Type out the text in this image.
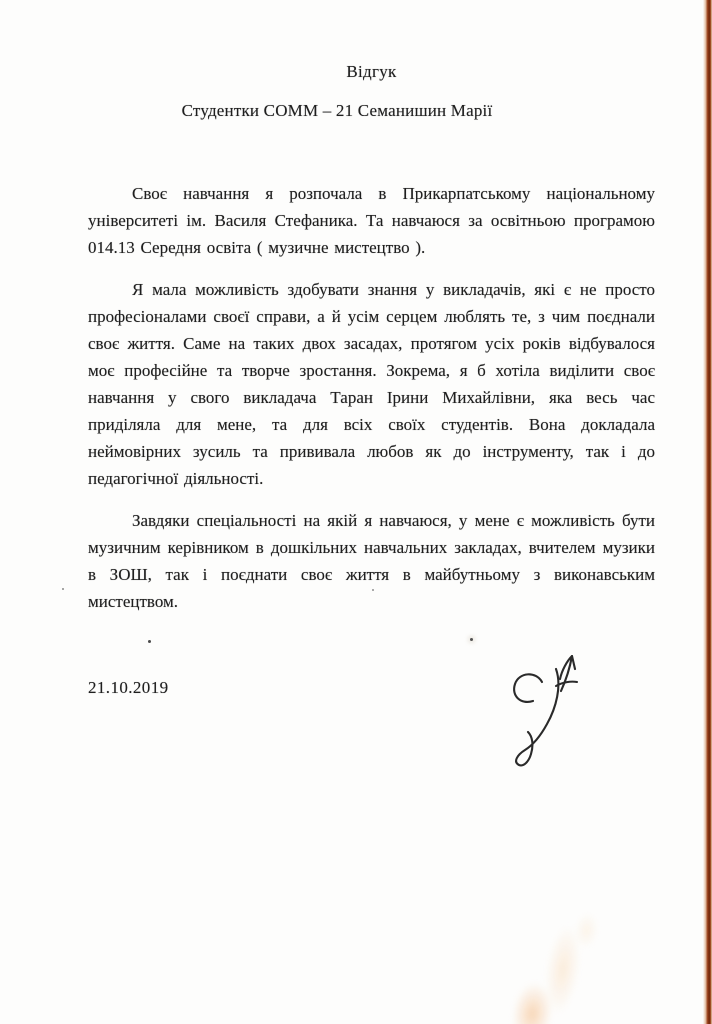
Відгук
Студентки СОММ – 21 Семанишин Марії

Своє навчання я розпочала в Прикарпатському національному університеті ім. Василя Стефаника. Та навчаюся за освітньою програмою 014.13 Середня освіта ( музичне мистецтво ).

Я мала можливість здобувати знання у викладачів, які є не просто професіоналами своєї справи, а й усім серцем люблять те, з чим поєднали своє життя. Саме на таких двох засадах, протягом усіх років відбувалося моє професійне та творче зростання. Зокрема, я б хотіла виділити своє навчання у свого викладача Таран Ірини Михайлівни, яка весь час приділяла для мене, та для всіх своїх студентів. Вона докладала неймовірних зусиль та прививала любов як до інструменту, так і до педагогічної діяльності.

Завдяки спеціальності на якій я навчаюся, у мене є можливість бути музичним керівником в дошкільних навчальних закладах, вчителем музики в ЗОШ, так і поєднати своє життя в майбутньому з виконавським мистецтвом.

21.10.2019
